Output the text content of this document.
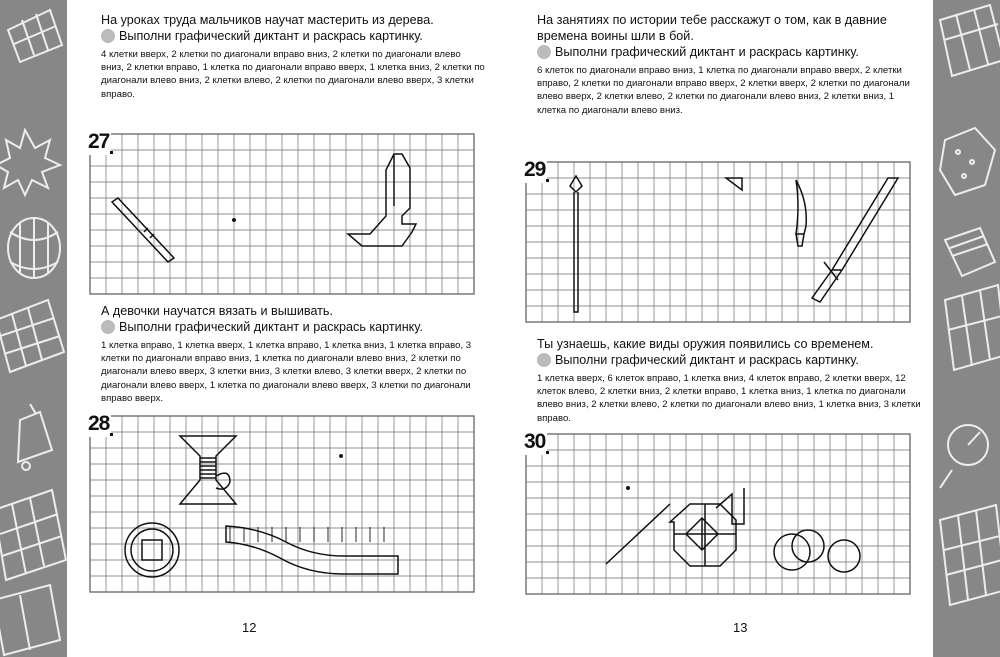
На уроках труда мальчиков научат мастерить из дерева.

Выполни графический диктант и раскрась картинку.

4 клетки вверх, 2 клетки по диагонали вправо вниз, 2 клетки по диагонали влево вниз, 2 клетки вправо, 1 клетка по диагонали вправо вверх, 1 клетка вниз, 2 клетки по диагонали влево вниз, 2 клетки влево, 2 клетки по диагонали влево вверх, 3 клетки вправо.

27

А девочки научатся вязать и вышивать.

Выполни графический диктант и раскрась картинку.

1 клетка вправо, 1 клетка вверх, 1 клетка вправо, 1 клетка вниз, 1 клетка вправо, 3 клетки по диагонали вправо вниз, 1 клетка по диагонали влево вниз, 2 клетки по диагонали влево вверх, 3 клетки вниз, 3 клетки влево, 3 клетки вверх, 2 клетки по диагонали влево вверх, 1 клетка по диагонали влево вверх, 3 клетки по диагонали вправо вверх.

28
12

На занятиях по истории тебе расскажут о том, как в давние времена воины шли в бой.

Выполни графический диктант и раскрась картинку.

6 клеток по диагонали вправо вниз, 1 клетка по диагонали вправо вверх, 2 клетки вправо, 2 клетки по диагонали вправо вверх, 2 клетки вверх, 2 клетки по диагонали влево вверх, 2 клетки влево, 2 клетки по диагонали влево вниз, 2 клетки вниз, 1 клетка по диагонали влево вниз.

29

Ты узнаешь, какие виды оружия появились со временем.

Выполни графический диктант и раскрась картинку.

1 клетка вверх, 6 клеток вправо, 1 клетка вниз, 4 клеток вправо, 2 клетки вверх, 12 клеток влево, 2 клетки вниз, 2 клетки вправо, 1 клетка вниз, 1 клетка по диагонали влево вниз, 2 клетки влево, 2 клетки по диагонали влево вниз, 1 клетка вниз, 3 клетки вправо.

30
13
